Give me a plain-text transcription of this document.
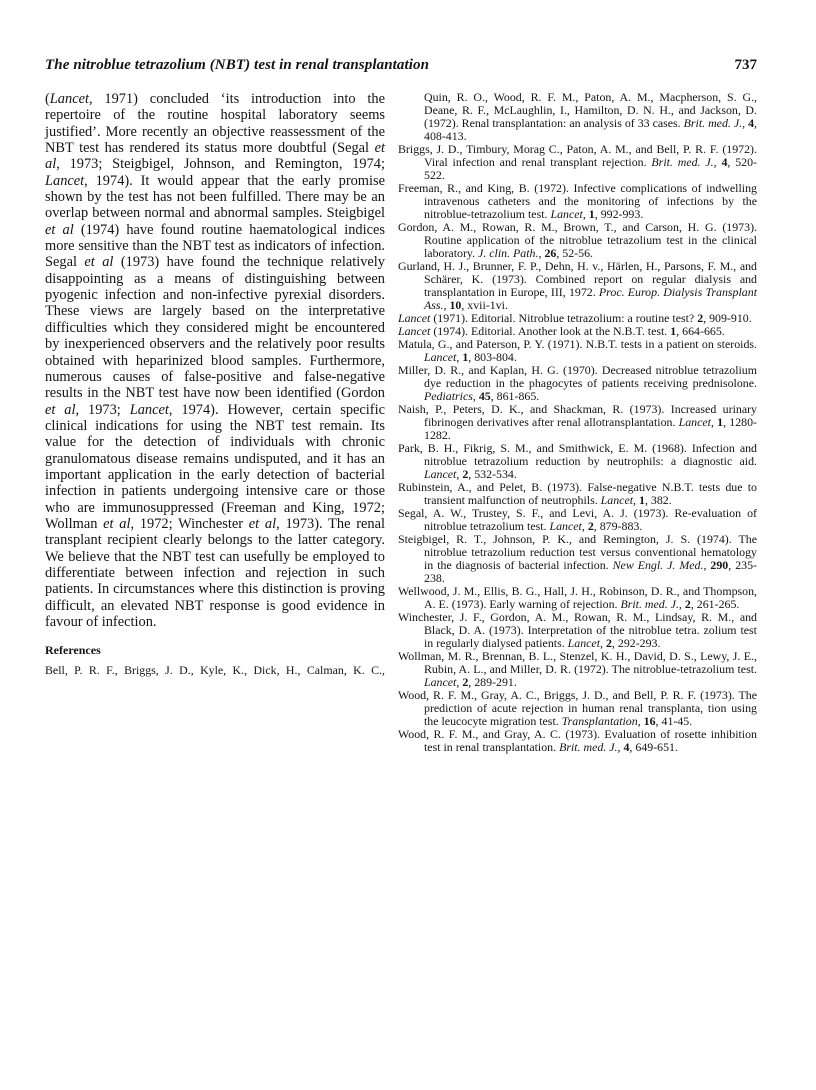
The nitroblue tetrazolium (NBT) test in renal transplantation	737

(Lancet, 1971) concluded ‘its introduction into the repertoire of the routine hospital laboratory seems justified’. More recently an objective reassessment of the NBT test has rendered its status more doubtful (Segal et al, 1973; Steigbigel, Johnson, and Remington, 1974; Lancet, 1974). It would appear that the early promise shown by the test has not been fulfilled. There may be an overlap between normal and abnormal samples. Steigbigel et al (1974) have found routine haematological indices more sensitive than the NBT test as indicators of infection. Segal et al (1973) have found the technique relatively disappointing as a means of distinguishing between pyogenic infection and non-infective pyrexial disorders. These views are largely based on the interpretative difficulties which they considered might be encountered by inexperienced observers and the relatively poor results obtained with heparinized blood samples. Furthermore, numerous causes of false-positive and false-negative results in the NBT test have now been identified (Gordon et al, 1973; Lancet, 1974). However, certain specific clinical indications for using the NBT test remain. Its value for the detection of individuals with chronic granulomatous disease remains undisputed, and it has an important application in the early detection of bacterial infection in patients undergoing intensive care or those who are immunosuppressed (Freeman and King, 1972; Wollman et al, 1972; Winchester et al, 1973). The renal transplant recipient clearly belongs to the latter category. We believe that the NBT test can usefully be employed to differentiate between infection and rejection in such patients. In circumstances where this distinction is proving difficult, an elevated NBT response is good evidence in favour of infection.

References

Bell, P. R. F., Briggs, J. D., Kyle, K., Dick, H., Calman, K. C.,

Quin, R. O., Wood, R. F. M., Paton, A. M., Macpherson, S. G., Deane, R. F., McLaughlin, I., Hamilton, D. N. H., and Jackson, D. (1972). Renal transplantation: an analysis of 33 cases. Brit. med. J., 4, 408-413.

Briggs, J. D., Timbury, Morag C., Paton, A. M., and Bell, P. R. F. (1972). Viral infection and renal transplant rejection. Brit. med. J., 4, 520-522.

Freeman, R., and King, B. (1972). Infective complications of indwelling intravenous catheters and the monitoring of infections by the nitroblue-tetrazolium test. Lancet, 1, 992-993.

Gordon, A. M., Rowan, R. M., Brown, T., and Carson, H. G. (1973). Routine application of the nitroblue tetrazolium test in the clinical laboratory. J. clin. Path., 26, 52-56.

Gurland, H. J., Brunner, F. P., Dehn, H. v., Härlen, H., Parsons, F. M., and Schärer, K. (1973). Combined report on regular dialysis and transplantation in Europe, III, 1972. Proc. Europ. Dialysis Transplant Ass., 10, xvii-1vi.

Lancet (1971). Editorial. Nitroblue tetrazolium: a routine test? 2, 909-910.

Lancet (1974). Editorial. Another look at the N.B.T. test. 1, 664-665.

Matula, G., and Paterson, P. Y. (1971). N.B.T. tests in a patient on steroids. Lancet, 1, 803-804.

Miller, D. R., and Kaplan, H. G. (1970). Decreased nitroblue tetrazolium dye reduction in the phagocytes of patients receiving prednisolone. Pediatrics, 45, 861-865.

Naish, P., Peters, D. K., and Shackman, R. (1973). Increased urinary fibrinogen derivatives after renal allotransplantation. Lancet, 1, 1280-1282.

Park, B. H., Fikrig, S. M., and Smithwick, E. M. (1968). Infection and nitroblue tetrazolium reduction by neutrophils: a diagnostic aid. Lancet, 2, 532-534.

Rubinstein, A., and Pelet, B. (1973). False-negative N.B.T. tests due to transient malfunction of neutrophils. Lancet, 1, 382.

Segal, A. W., Trustey, S. F., and Levi, A. J. (1973). Re-evaluation of nitroblue tetrazolium test. Lancet, 2, 879-883.

Steigbigel, R. T., Johnson, P. K., and Remington, J. S. (1974). The nitroblue tetrazolium reduction test versus conventional hematology in the diagnosis of bacterial infection. New Engl. J. Med., 290, 235-238.

Wellwood, J. M., Ellis, B. G., Hall, J. H., Robinson, D. R., and Thompson, A. E. (1973). Early warning of rejection. Brit. med. J., 2, 261-265.

Winchester, J. F., Gordon, A. M., Rowan, R. M., Lindsay, R. M., and Black, D. A. (1973). Interpretation of the nitroblue tetra. zolium test in regularly dialysed patients. Lancet, 2, 292-293.

Wollman, M. R., Brennan, B. L., Stenzel, K. H., David, D. S., Lewy, J. E., Rubin, A. L., and Miller, D. R. (1972). The nitroblue-tetrazolium test. Lancet, 2, 289-291.

Wood, R. F. M., Gray, A. C., Briggs, J. D., and Bell, P. R. F. (1973). The prediction of acute rejection in human renal transplanta, tion using the leucocyte migration test. Transplantation, 16, 41-45.

Wood, R. F. M., and Gray, A. C. (1973). Evaluation of rosette inhibition test in renal transplantation. Brit. med. J., 4, 649-651.
